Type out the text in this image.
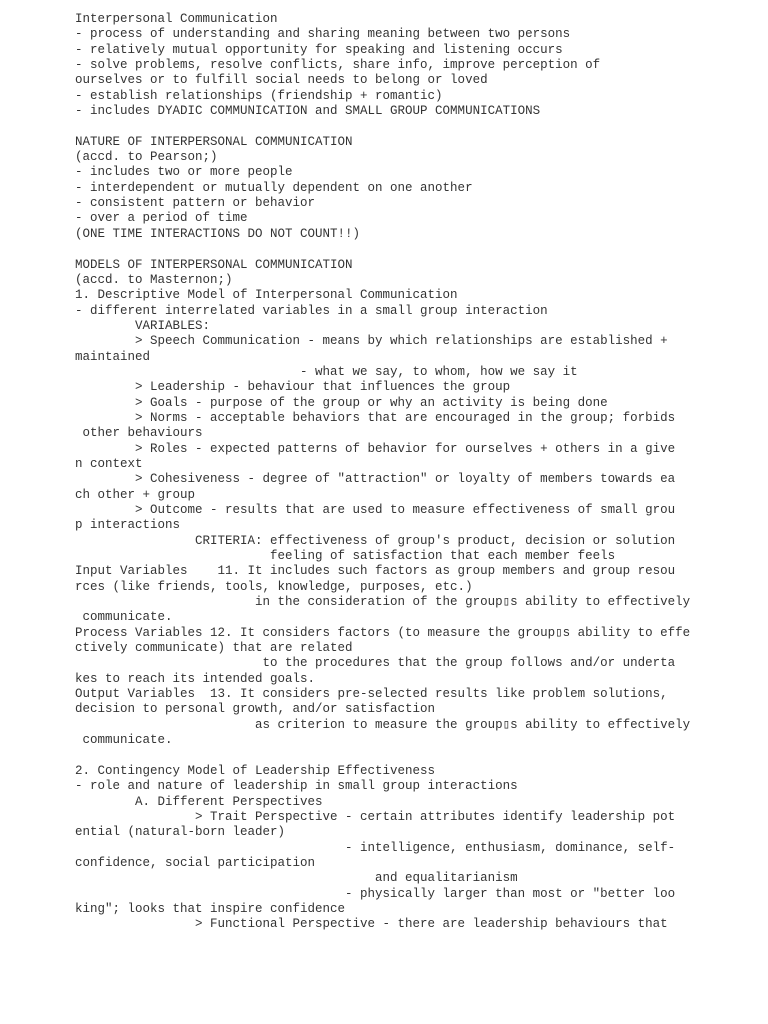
Interpersonal Communication
- process of understanding and sharing meaning between two persons
- relatively mutual opportunity for speaking and listening occurs
- solve problems, resolve conflicts, share info, improve perception of
ourselves or to fulfill social needs to belong or loved
- establish relationships (friendship + romantic)
- includes DYADIC COMMUNICATION and SMALL GROUP COMMUNICATIONS
NATURE OF INTERPERSONAL COMMUNICATION
(accd. to Pearson;)
- includes two or more people
- interdependent or mutually dependent on one another
- consistent pattern or behavior
- over a period of time
(ONE TIME INTERACTIONS DO NOT COUNT!!)
MODELS OF INTERPERSONAL COMMUNICATION
(accd. to Masternon;)
1. Descriptive Model of Interpersonal Communication
- different interrelated variables in a small group interaction
VARIABLES:
> Speech Communication - means by which relationships are established +
maintained
- what we say, to whom, how we say it
> Leadership - behaviour that influences the group
> Goals - purpose of the group or why an activity is being done
> Norms - acceptable behaviors that are encouraged in the group; forbids
other behaviours
> Roles - expected patterns of behavior for ourselves + others in a give
n context
> Cohesiveness - degree of "attraction" or loyalty of members towards ea
ch other + group
> Outcome - results that are used to measure effectiveness of small grou
p interactions
CRITERIA: effectiveness of group's product, decision or solution
feeling of satisfaction that each member feels
Input Variables    11. It includes such factors as group members and group resou
rces (like friends, tools, knowledge, purposes, etc.)
in the consideration of the group▯s ability to effectively
communicate.
Process Variables 12. It considers factors (to measure the group▯s ability to effe
ctively communicate) that are related
to the procedures that the group follows and/or underta
kes to reach its intended goals.
Output Variables  13. It considers pre-selected results like problem solutions,
decision to personal growth, and/or satisfaction
as criterion to measure the group▯s ability to effectively
communicate.
2. Contingency Model of Leadership Effectiveness
- role and nature of leadership in small group interactions
A. Different Perspectives
> Trait Perspective - certain attributes identify leadership pot
ential (natural-born leader)
- intelligence, enthusiasm, dominance, self-
confidence, social participation
and equalitarianism
- physically larger than most or "better loo
king"; looks that inspire confidence
> Functional Perspective - there are leadership behaviours that
